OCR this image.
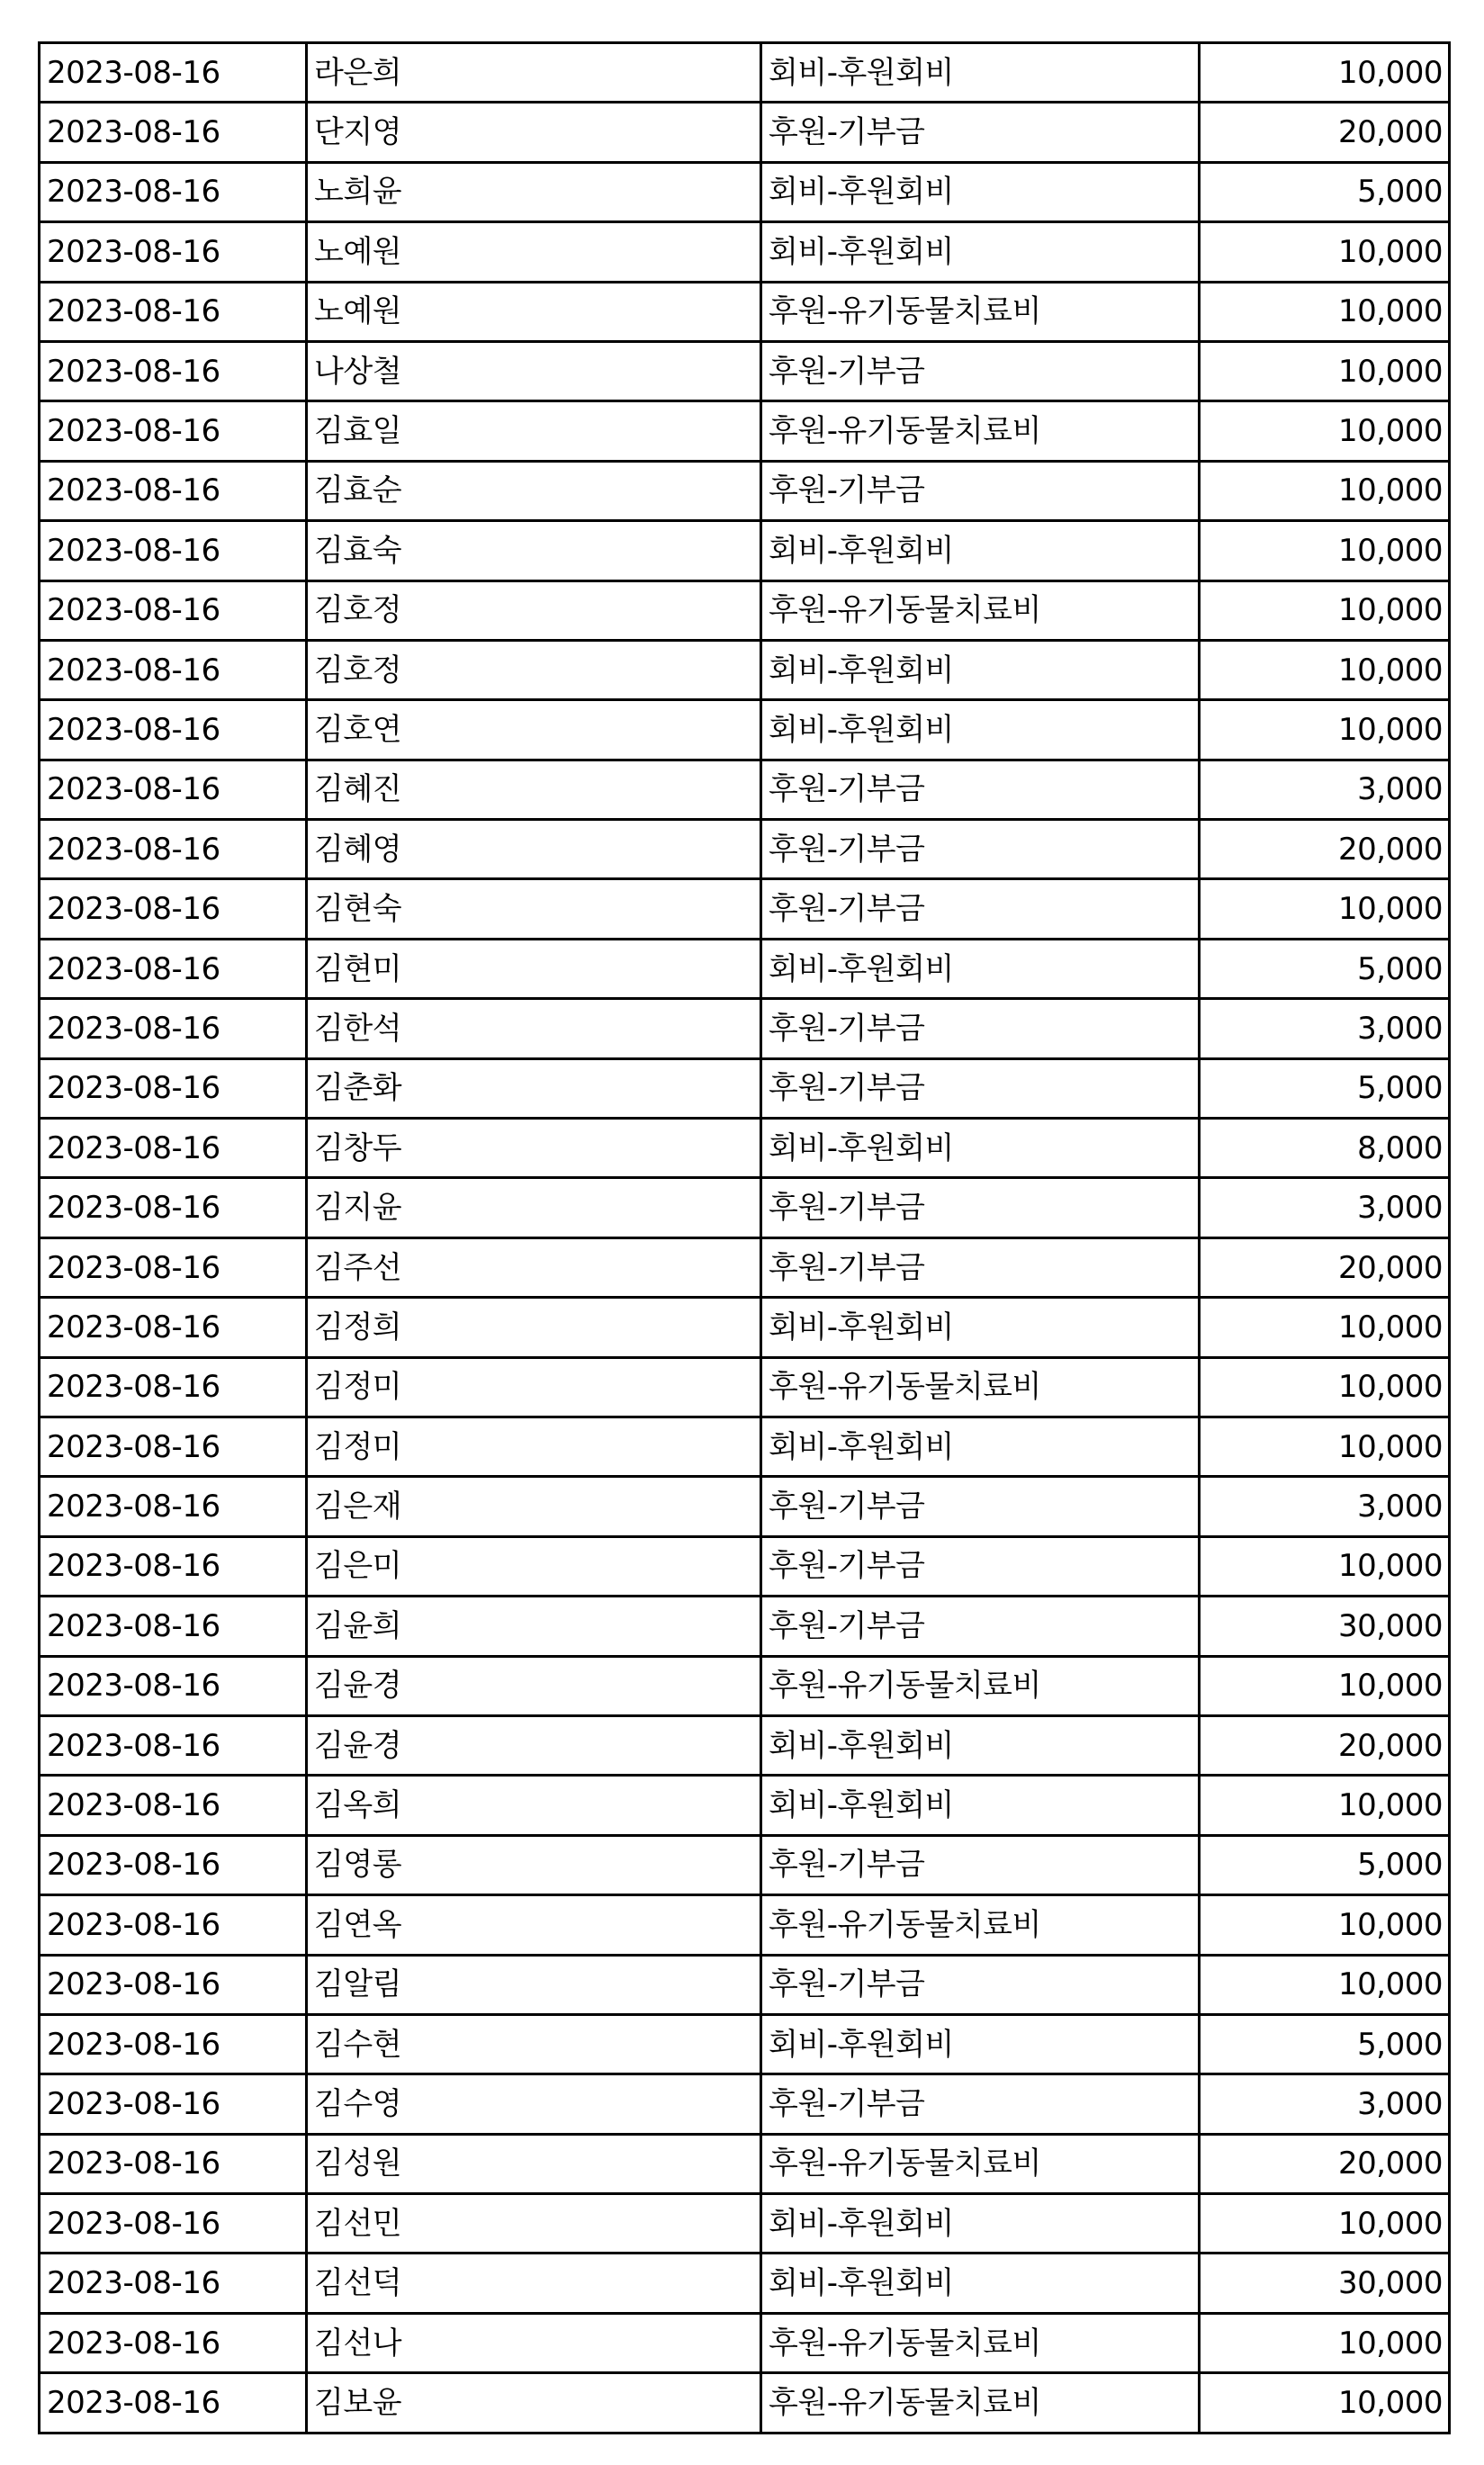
2023-08-16	라은희	회비-후원회비	10,000
2023-08-16	단지영	후원-기부금	20,000
2023-08-16	노희윤	회비-후원회비	5,000
2023-08-16	노예원	회비-후원회비	10,000
2023-08-16	노예원	후원-유기동물치료비	10,000
2023-08-16	나상철	후원-기부금	10,000
2023-08-16	김효일	후원-유기동물치료비	10,000
2023-08-16	김효순	후원-기부금	10,000
2023-08-16	김효숙	회비-후원회비	10,000
2023-08-16	김호정	후원-유기동물치료비	10,000
2023-08-16	김호정	회비-후원회비	10,000
2023-08-16	김호연	회비-후원회비	10,000
2023-08-16	김혜진	후원-기부금	3,000
2023-08-16	김혜영	후원-기부금	20,000
2023-08-16	김현숙	후원-기부금	10,000
2023-08-16	김현미	회비-후원회비	5,000
2023-08-16	김한석	후원-기부금	3,000
2023-08-16	김춘화	후원-기부금	5,000
2023-08-16	김창두	회비-후원회비	8,000
2023-08-16	김지윤	후원-기부금	3,000
2023-08-16	김주선	후원-기부금	20,000
2023-08-16	김정희	회비-후원회비	10,000
2023-08-16	김정미	후원-유기동물치료비	10,000
2023-08-16	김정미	회비-후원회비	10,000
2023-08-16	김은재	후원-기부금	3,000
2023-08-16	김은미	후원-기부금	10,000
2023-08-16	김윤희	후원-기부금	30,000
2023-08-16	김윤경	후원-유기동물치료비	10,000
2023-08-16	김윤경	회비-후원회비	20,000
2023-08-16	김옥희	회비-후원회비	10,000
2023-08-16	김영롱	후원-기부금	5,000
2023-08-16	김연옥	후원-유기동물치료비	10,000
2023-08-16	김알림	후원-기부금	10,000
2023-08-16	김수현	회비-후원회비	5,000
2023-08-16	김수영	후원-기부금	3,000
2023-08-16	김성원	후원-유기동물치료비	20,000
2023-08-16	김선민	회비-후원회비	10,000
2023-08-16	김선덕	회비-후원회비	30,000
2023-08-16	김선나	후원-유기동물치료비	10,000
2023-08-16	김보윤	후원-유기동물치료비	10,000
